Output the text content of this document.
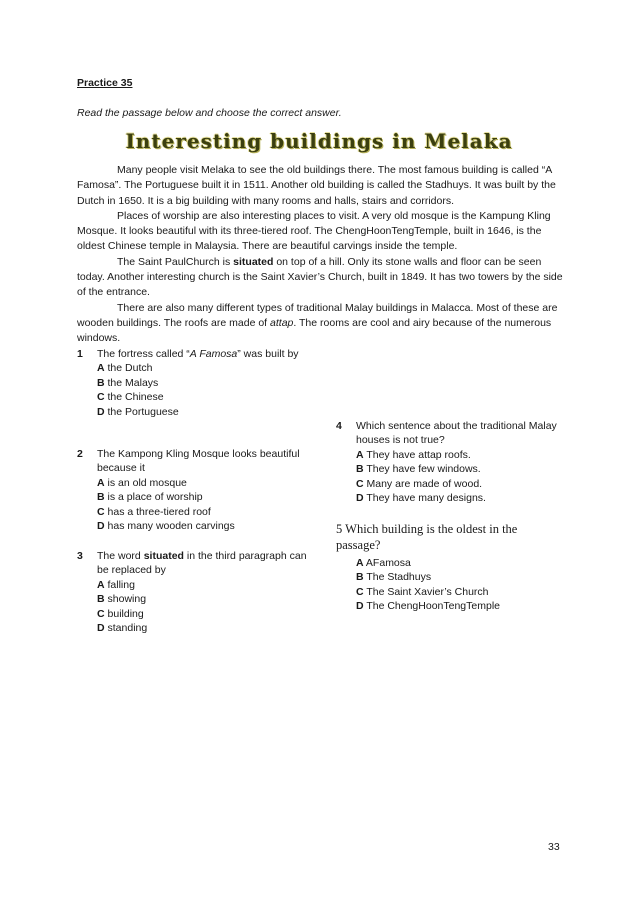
Practice 35
Read the passage below and choose the correct answer.
Interesting buildings in Melaka

Many people visit Melaka to see the old buildings there. The most famous building is called “A Famosa”. The Portuguese built it in 1511. Another old building is called the Stadhuys. It was built by the Dutch in 1650. It is a big building with many rooms and halls, stairs and corridors.

Places of worship are also interesting places to visit. A very old mosque is the Kampung Kling Mosque. It looks beautiful with its three-tiered roof. The ChengHoonTengTemple, built in 1646, is the oldest Chinese temple in Malaysia. There are beautiful carvings inside the temple.

The Saint PaulChurch is situated on top of a hill. Only its stone walls and floor can be seen today. Another interesting church is the Saint Xavier’s Church, built in 1849. It has two towers by the side of the entrance.

There are also many different types of traditional Malay buildings in Malacca. Most of these are wooden buildings. The roofs are made of attap. The rooms are cool and airy because of the numerous windows.

1 The fortress called “A Famosa” was built by
A the Dutch
B the Malays
C the Chinese
D the Portuguese
2 The Kampong Kling Mosque looks beautiful because it
A is an old mosque
B is a place of worship
C has a three-tiered roof
D has many wooden carvings
3 The word situated in the third paragraph can be replaced by
A falling
B showing
C building
D standing
4 Which sentence about the traditional Malay houses is not true?
A They have attap roofs.
B They have few windows.
C Many are made of wood.
D They have many designs.
5 Which building is the oldest in the passage?
A AFamosa
B The Stadhuys
C The Saint Xavier’s Church
D The ChengHoonTengTemple
33
